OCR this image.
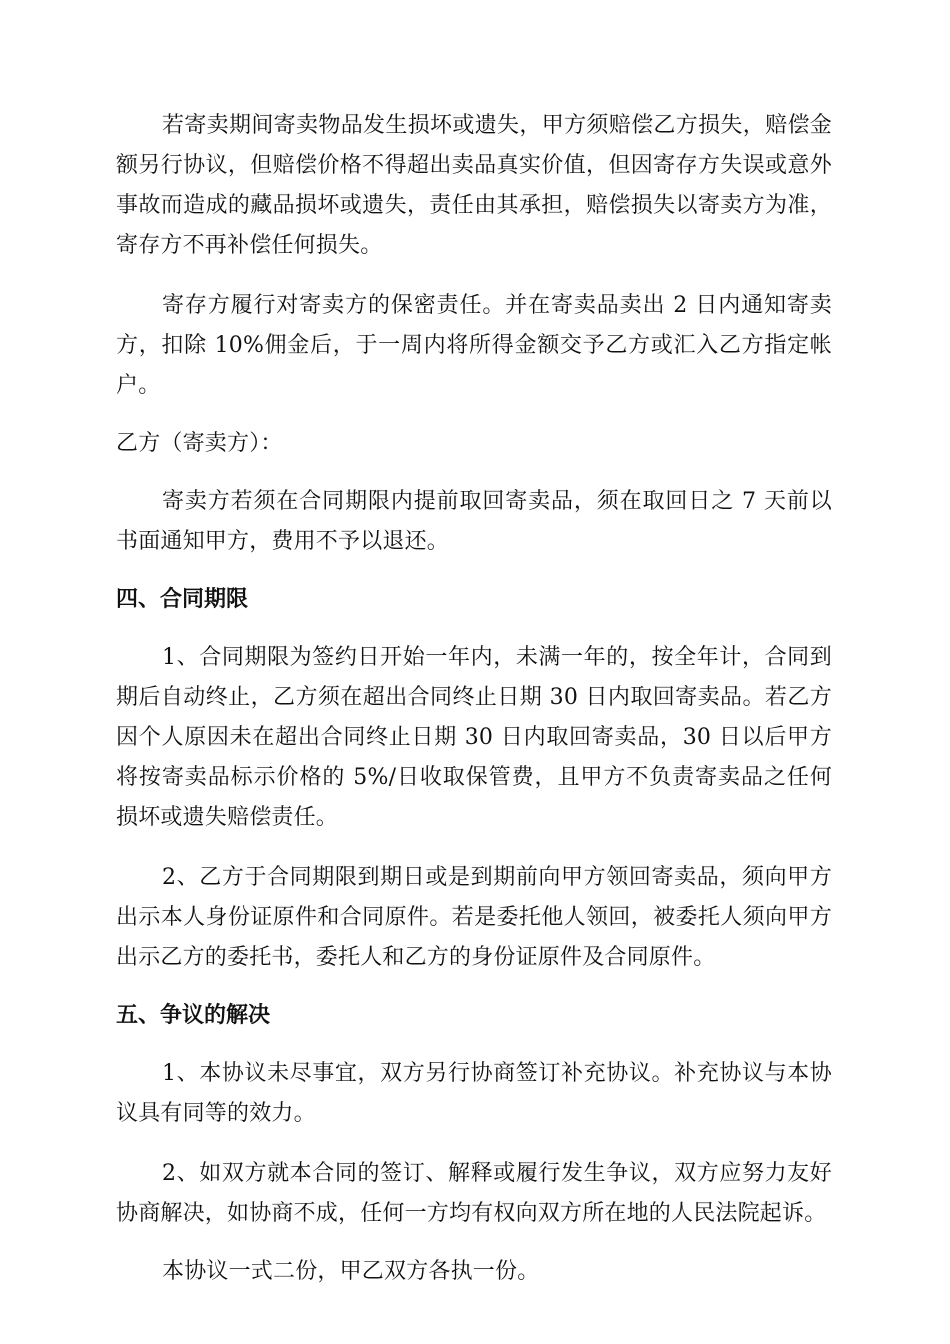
若寄卖期间寄卖物品发生损坏或遗失，甲方须赔偿乙方损失，赔偿金额另行协议，但赔偿价格不得超出卖品真实价值，但因寄存方失误或意外事故而造成的藏品损坏或遗失，责任由其承担，赔偿损失以寄卖方为准，寄存方不再补偿任何损失。

寄存方履行对寄卖方的保密责任。并在寄卖品卖出 2 日内通知寄卖方，扣除 10%佣金后，于一周内将所得金额交予乙方或汇入乙方指定帐户。

乙方（寄卖方）：

寄卖方若须在合同期限内提前取回寄卖品，须在取回日之 7 天前以书面通知甲方，费用不予以退还。

四、合同期限

1、合同期限为签约日开始一年内，未满一年的，按全年计，合同到期后自动终止，乙方须在超出合同终止日期 30 日内取回寄卖品。若乙方因个人原因未在超出合同终止日期 30 日内取回寄卖品，30 日以后甲方将按寄卖品标示价格的 5%/日收取保管费，且甲方不负责寄卖品之任何损坏或遗失赔偿责任。

2、乙方于合同期限到期日或是到期前向甲方领回寄卖品，须向甲方出示本人身份证原件和合同原件。若是委托他人领回，被委托人须向甲方出示乙方的委托书，委托人和乙方的身份证原件及合同原件。

五、争议的解决

1、本协议未尽事宜，双方另行协商签订补充协议。补充协议与本协议具有同等的效力。

2、如双方就本合同的签订、解释或履行发生争议，双方应努力友好协商解决，如协商不成，任何一方均有权向双方所在地的人民法院起诉。

本协议一式二份，甲乙双方各执一份。
